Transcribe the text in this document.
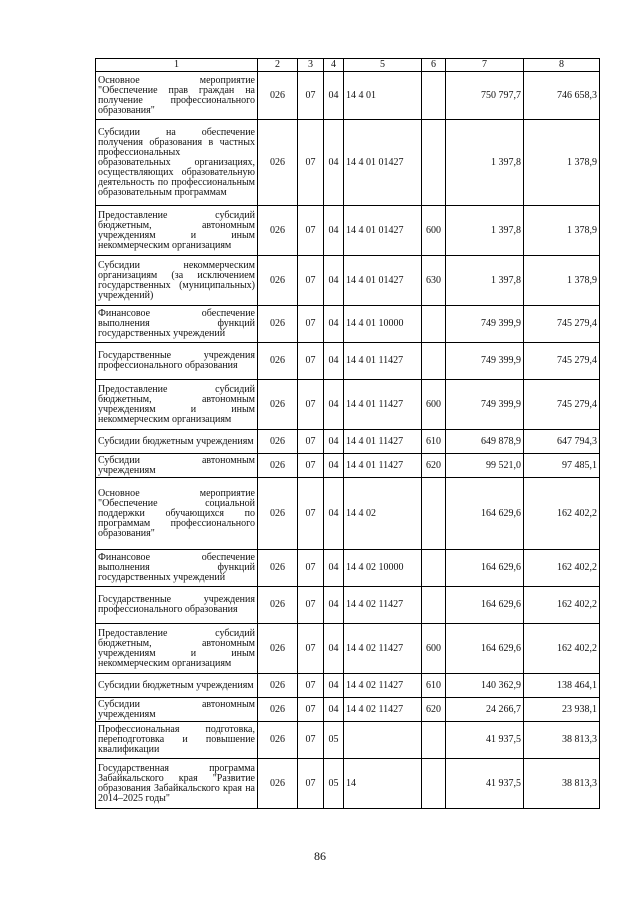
1	2	3	4	5	6	7	8
Основное мероприятие "Обеспечение прав граждан на получение профессионального образования"	026	07	04	14 4 01		750 797,7	746 658,3
Субсидии на обеспечение получения образования в частных профессиональных образовательных организациях, осуществляющих образовательную деятельность по профессиональным образовательным программам	026	07	04	14 4 01 01427		1 397,8	1 378,9
Предоставление субсидий бюджетным, автономным учреждениям и иным некоммерческим организациям	026	07	04	14 4 01 01427	600	1 397,8	1 378,9
Субсидии некоммерческим организациям (за исключением государственных (муниципальных) учреждений)	026	07	04	14 4 01 01427	630	1 397,8	1 378,9
Финансовое обеспечение выполнения функций государственных учреждений	026	07	04	14 4 01 10000		749 399,9	745 279,4
Государственные учреждения профессионального образования	026	07	04	14 4 01 11427		749 399,9	745 279,4
Предоставление субсидий бюджетным, автономным учреждениям и иным некоммерческим организациям	026	07	04	14 4 01 11427	600	749 399,9	745 279,4
Субсидии бюджетным учреждениям	026	07	04	14 4 01 11427	610	649 878,9	647 794,3
Субсидии автономным учреждениям	026	07	04	14 4 01 11427	620	99 521,0	97 485,1
Основное мероприятие "Обеспечение социальной поддержки обучающихся по программам профессионального образования"	026	07	04	14 4 02		164 629,6	162 402,2
Финансовое обеспечение выполнения функций государственных учреждений	026	07	04	14 4 02 10000		164 629,6	162 402,2
Государственные учреждения профессионального образования	026	07	04	14 4 02 11427		164 629,6	162 402,2
Предоставление субсидий бюджетным, автономным учреждениям и иным некоммерческим организациям	026	07	04	14 4 02 11427	600	164 629,6	162 402,2
Субсидии бюджетным учреждениям	026	07	04	14 4 02 11427	610	140 362,9	138 464,1
Субсидии автономным учреждениям	026	07	04	14 4 02 11427	620	24 266,7	23 938,1
Профессиональная подготовка, переподготовка и повышение квалификации	026	07	05			41 937,5	38 813,3
Государственная программа Забайкальского края "Развитие образования Забайкальского края на 2014–2025 годы"	026	07	05	14		41 937,5	38 813,3
86
